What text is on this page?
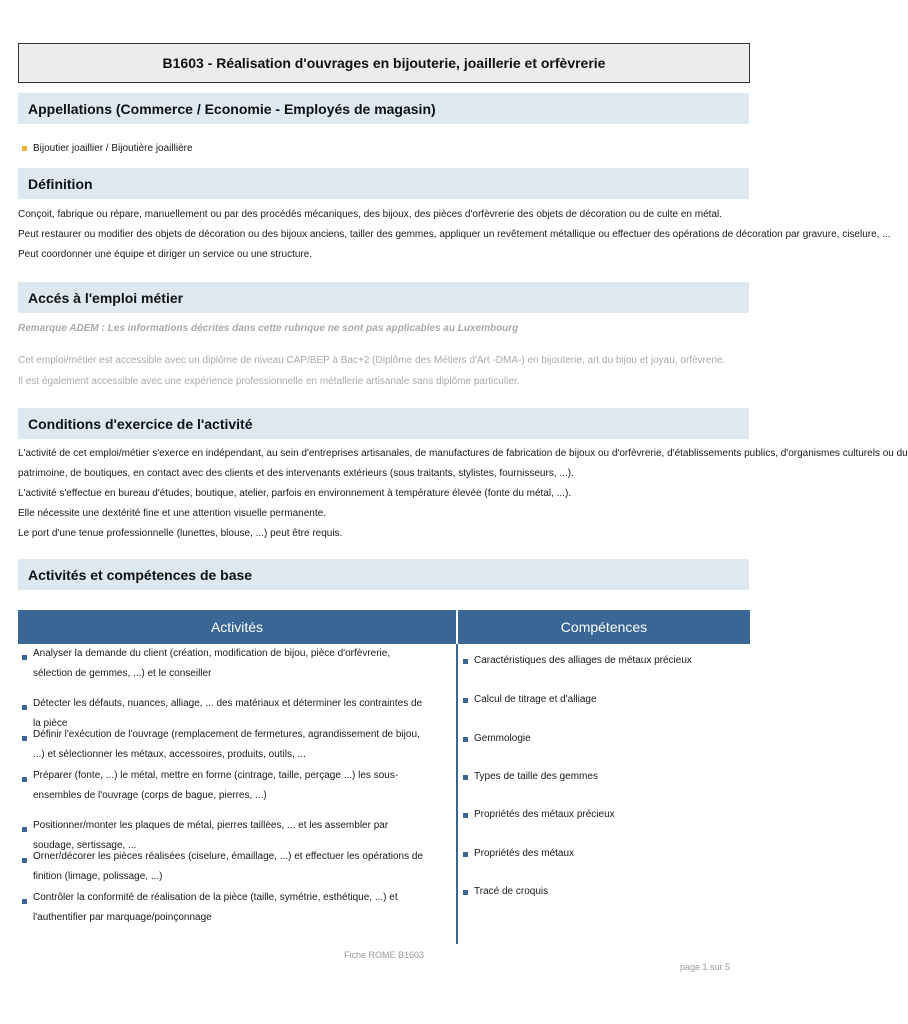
B1603 - Réalisation d'ouvrages en bijouterie, joaillerie et orfèvrerie
Appellations (Commerce / Economie - Employés de magasin)
Bijoutier joaillier / Bijoutière joaillière
Définition

Conçoit, fabrique ou répare, manuellement ou par des procédés mécaniques, des bijoux, des pièces d'orfèvrerie des objets de décoration ou de culte en métal.

Peut restaurer ou modifier des objets de décoration ou des bijoux anciens, tailler des gemmes, appliquer un revêtement métallique ou effectuer des opérations de décoration par gravure, ciselure, ...

Peut coordonner une équipe et diriger un service ou une structure.

Accés à l'emploi métier
Remarque ADEM : Les informations décrites dans cette rubrique ne sont pas applicables au Luxembourg

Cet emploi/métier est accessible avec un diplôme de niveau CAP/BEP à Bac+2 (Diplôme des Métiers d'Art -DMA-) en bijouterie, art du bijou et joyau, orfèvrerie.

Il est également accessible avec une expérience professionnelle en métallerie artisanale sans diplôme particulier.

Conditions d'exercice de l'activité

L'activité de cet emploi/métier s'exerce en indépendant, au sein d'entreprises artisanales, de manufactures de fabrication de bijoux ou d'orfèvrerie, d'établissements publics, d'organismes culturels ou du

patrimoine, de boutiques, en contact avec des clients et des intervenants extérieurs (sous traitants, stylistes, fournisseurs, ...).

L'activité s'effectue en bureau d'études, boutique, atelier, parfois en environnement à température élevée (fonte du métal, ...).

Elle nécessite une dextérité fine et une attention visuelle permanente.

Le port d'une tenue professionnelle (lunettes, blouse, ...) peut être requis.

Activités et compétences de base
Activités	Compétences
Analyser la demande du client (création, modification de bijou, pièce d'orfèvrerie, sélection de gemmes, ...) et le conseiller
Détecter les défauts, nuances, alliage, ... des matériaux et déterminer les contraintes de la pièce
Définir l'exécution de l'ouvrage (remplacement de fermetures, agrandissement de bijou, ...) et sélectionner les métaux, accessoires, produits, outils, ...
Préparer (fonte, ...) le métal, mettre en forme (cintrage, taille, perçage ...) les sous-ensembles de l'ouvrage (corps de bague, pierres, ...)
Positionner/monter les plaques de métal, pierres taillées, ... et les assembler par soudage, sertissage, ...
Orner/décorer les pièces réalisées (ciselure, émaillage, ...) et effectuer les opérations de finition (limage, polissage, ...)
Contrôler la conformité de réalisation de la pièce (taille, symétrie, esthétique, ...) et l'authentifier par marquage/poinçonnage
Caractéristiques des alliages de métaux précieux
Calcul de titrage et d'alliage
Gemmologie
Types de taille des gemmes
Propriétés des métaux précieux
Propriétés des métaux
Tracé de croquis
Fiche ROME B1603
page 1 sur 5
